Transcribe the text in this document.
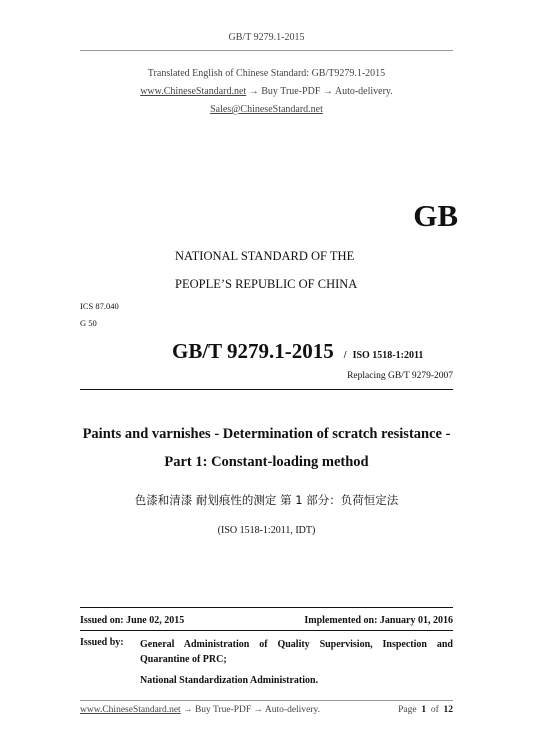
GB/T 9279.1-2015
Translated English of Chinese Standard: GB/T9279.1-2015
www.ChineseStandard.net → Buy True-PDF → Auto-delivery.
Sales@ChineseStandard.net
GB
NATIONAL STANDARD OF THE
PEOPLE’S REPUBLIC OF CHINA
ICS 87.040
G 50
GB/T 9279.1-2015 / ISO 1518-1:2011
Replacing GB/T 9279-2007
Paints and varnishes - Determination of scratch resistance -
Part 1: Constant-loading method
色漆和清漆 耐划痕性的测定 第 1 部分：负荷恒定法
(ISO 1518-1:2011, IDT)
Issued on: June 02, 2015	Implemented on: January 01, 2016
Issued by:	General Administration of Quality Supervision, Inspection and
Quarantine of PRC;
National Standardization Administration.
www.ChineseStandard.net → Buy True-PDF → Auto-delivery.	Page 1 of 12
